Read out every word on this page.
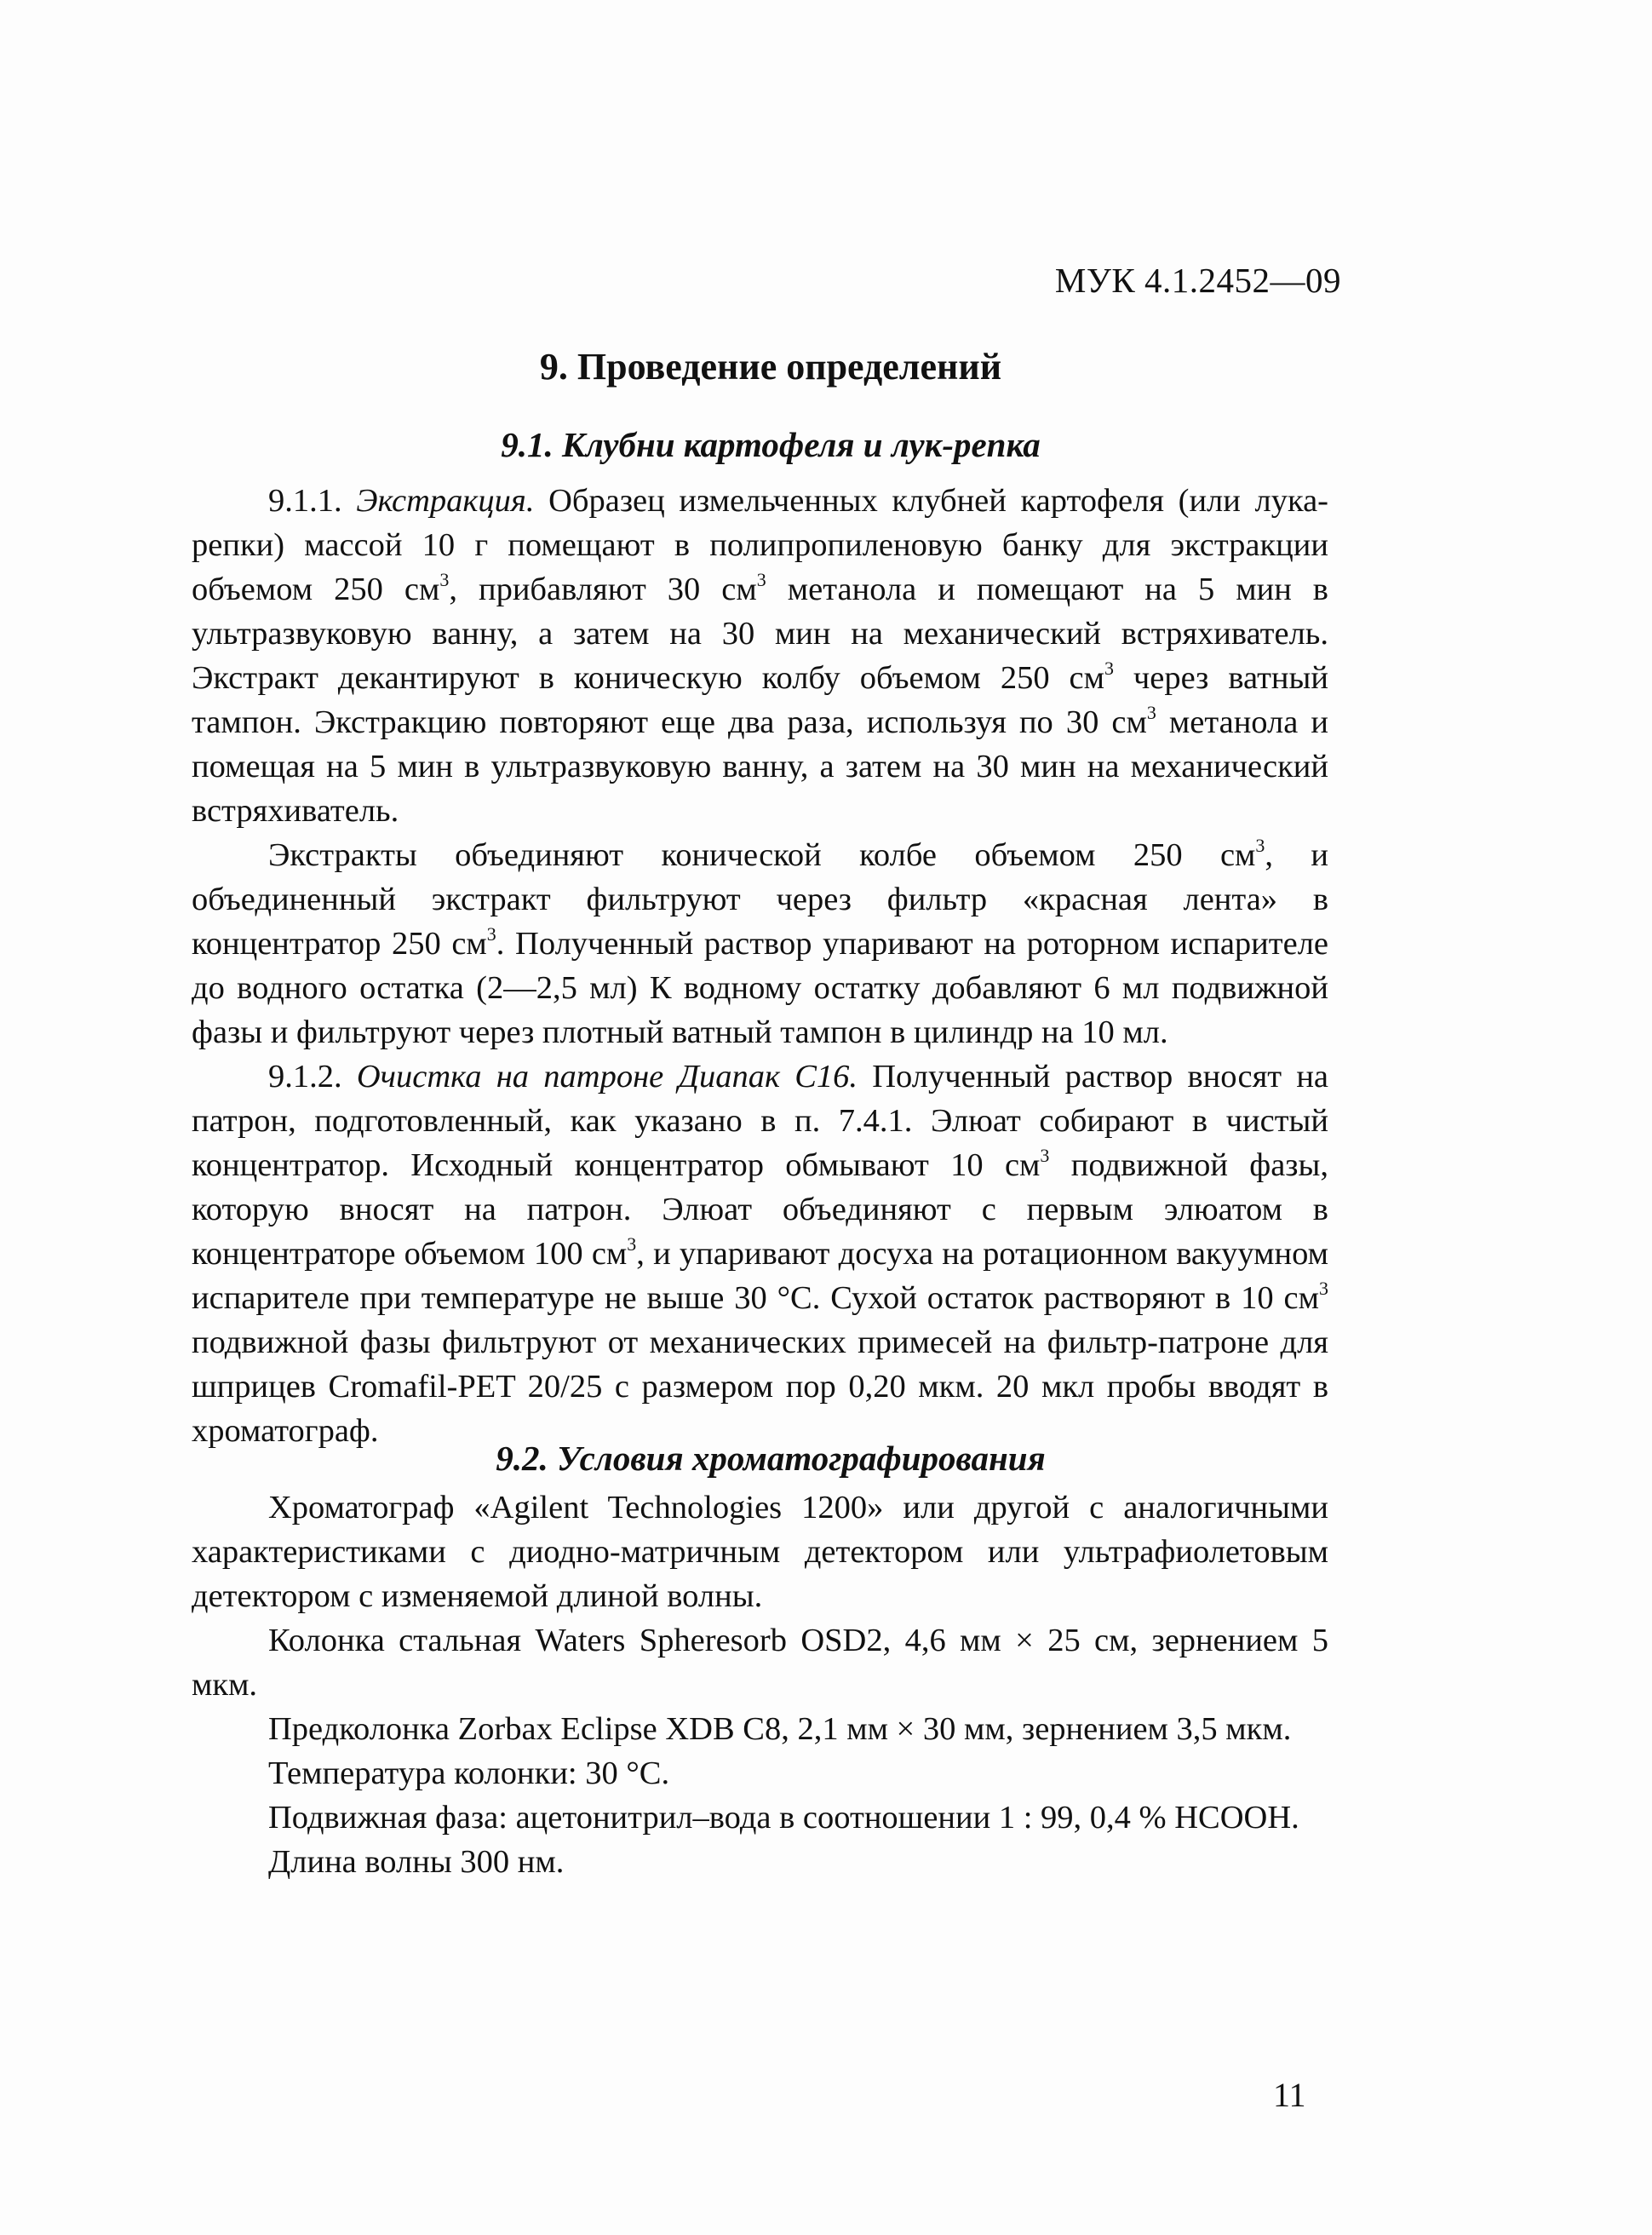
МУК 4.1.2452—09
9. Проведение определений
9.1. Клубни картофеля и лук-репка

9.1.1. Экстракция. Образец измельченных клубней картофеля (или лука-репки) массой 10 г помещают в полипропиленовую банку для экстракции объемом 250 $см^3$, прибавляют 30 $см^3$ метанола и помещают на 5 мин в ультразвуковую ванну, а затем на 30 мин на механический встряхиватель. Экстракт декантируют в коническую колбу объемом 250 $см^3$ через ватный тампон. Экстракцию повторяют еще два раза, используя по 30 $см^3$ метанола и помещая на 5 мин в ультразвуковую ванну, а затем на 30 мин на механический встряхиватель.

Экстракты объединяют конической колбе объемом 250 $см^3$, и объединенный экстракт фильтруют через фильтр «красная лента» в концентратор 250 $см^3$. Полученный раствор упаривают на роторном испарителе до водного остатка (2—2,5 мл) К водному остатку добавляют 6 мл подвижной фазы и фильтруют через плотный ватный тампон в цилиндр на 10 мл.

9.1.2. Очистка на патроне Диапак С16. Полученный раствор вносят на патрон, подготовленный, как указано в п. 7.4.1. Элюат собирают в чистый концентратор. Исходный концентратор обмывают 10 $см^3$ подвижной фазы, которую вносят на патрон. Элюат объединяют с первым элюатом в концентраторе объемом 100 $см^3$, и упаривают досуха на ротационном вакуумном испарителе при температуре не выше 30 °С. Сухой остаток растворяют в 10 $см^3$ подвижной фазы фильтруют от механических примесей на фильтр-патроне для шприцев Cromafil-PET 20/25 с размером пор 0,20 мкм. 20 мкл пробы вводят в хроматограф.

9.2. Условия хроматографирования

Хроматограф «Agilent Technologies 1200» или другой с аналогичными характеристиками с диодно-матричным детектором или ультрафиолетовым детектором с изменяемой длиной волны.

Колонка стальная Waters Spheresorb OSD2, 4,6 мм × 25 см, зернением 5 мкм.

Предколонка Zorbax Eclipse XDB C8, 2,1 мм × 30 мм, зернением 3,5 мкм.

Температура колонки: 30 °С.

Подвижная фаза: ацетонитрил–вода в соотношении 1 : 99, 0,4 % HCOOH.

Длина волны 300 нм.

11
